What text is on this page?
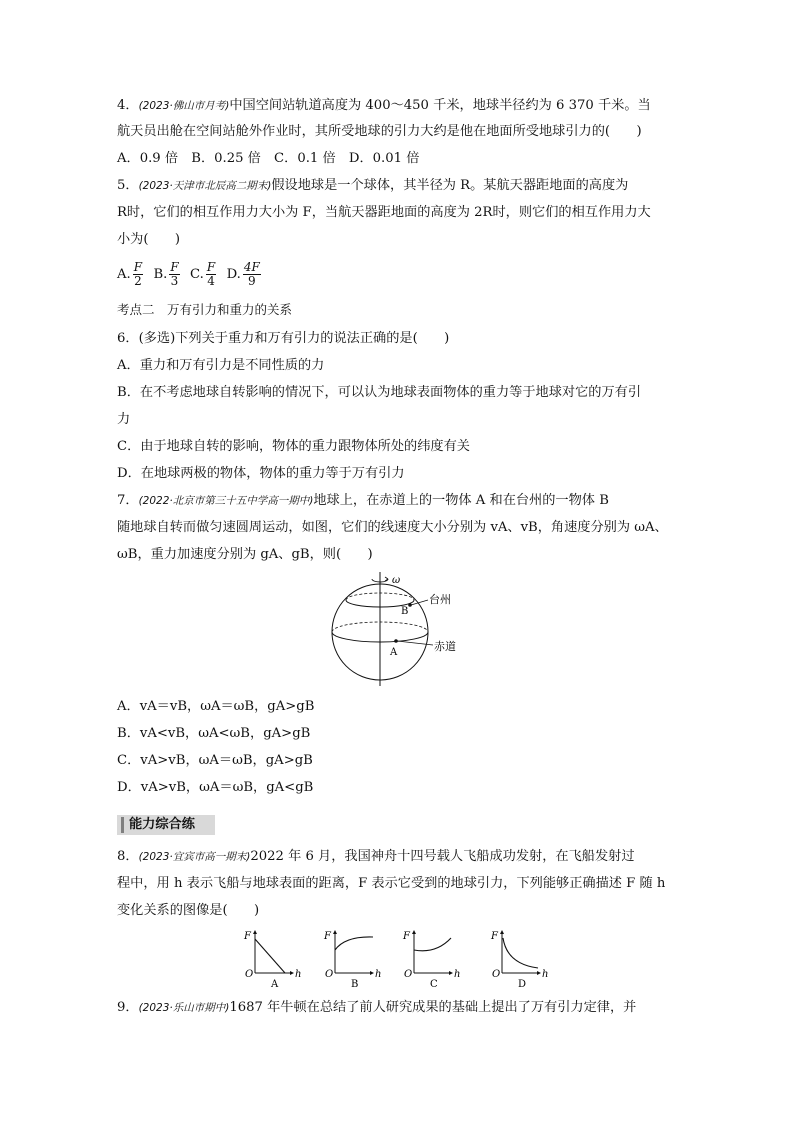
4．(2023·佛山市月考)中国空间站轨道高度为 400～450 千米，地球半径约为 6 370 千米。当
航天员出舱在空间站舱外作业时，其所受地球的引力大约是他在地面所受地球引力的(　　)
A．0.9 倍　B．0.25 倍　C．0.1 倍　D．0.01 倍
5．(2023·天津市北辰高二期末)假设地球是一个球体，其半径为 R。某航天器距地面的高度为
R时，它们的相互作用力大小为 F，当航天器距地面的高度为 2R时，则它们的相互作用力大
小为(　　)
A. $\frac{F}{2} B$. $\frac{F}{3} C$. $\frac{F}{4} D$. $\frac{4F}{9}$
考点二　万有引力和重力的关系
6．(多选)下列关于重力和万有引力的说法正确的是(　　)
A．重力和万有引力是不同性质的力
B．在不考虑地球自转影响的情况下，可以认为地球表面物体的重力等于地球对它的万有引
力
C．由于地球自转的影响，物体的重力跟物体所处的纬度有关
D．在地球两极的物体，物体的重力等于万有引力
7．(2022·北京市第三十五中学高一期中)地球上，在赤道上的一物体 A 和在台州的一物体 B
随地球自转而做匀速圆周运动，如图，它们的线速度大小分别为 vA、vB，角速度分别为 ωA、
ωB，重力加速度分别为 gA、gB，则(　　)
ω
B
A
台州
赤道
A．vA＝vB，ωA＝ωB，gA>gB
B．vA<vB，ωA<ωB，gA>gB
C．vA>vB，ωA＝ωB，gA>gB
D．vA>vB，ωA＝ωB，gA<gB
能力综合练
8．(2023·宜宾市高一期末)2022 年 6 月，我国神舟十四号载人飞船成功发射，在飞船发射过
程中，用 h 表示飞船与地球表面的距离，F 表示它受到的地球引力，下列能够正确描述 F 随 h
变化关系的图像是(　　)
F
O	h
A
F
O	h
B
F
O	h
C
F
O	h
D
9．(2023·乐山市期中)1687 年牛顿在总结了前人研究成果的基础上提出了万有引力定律，并
